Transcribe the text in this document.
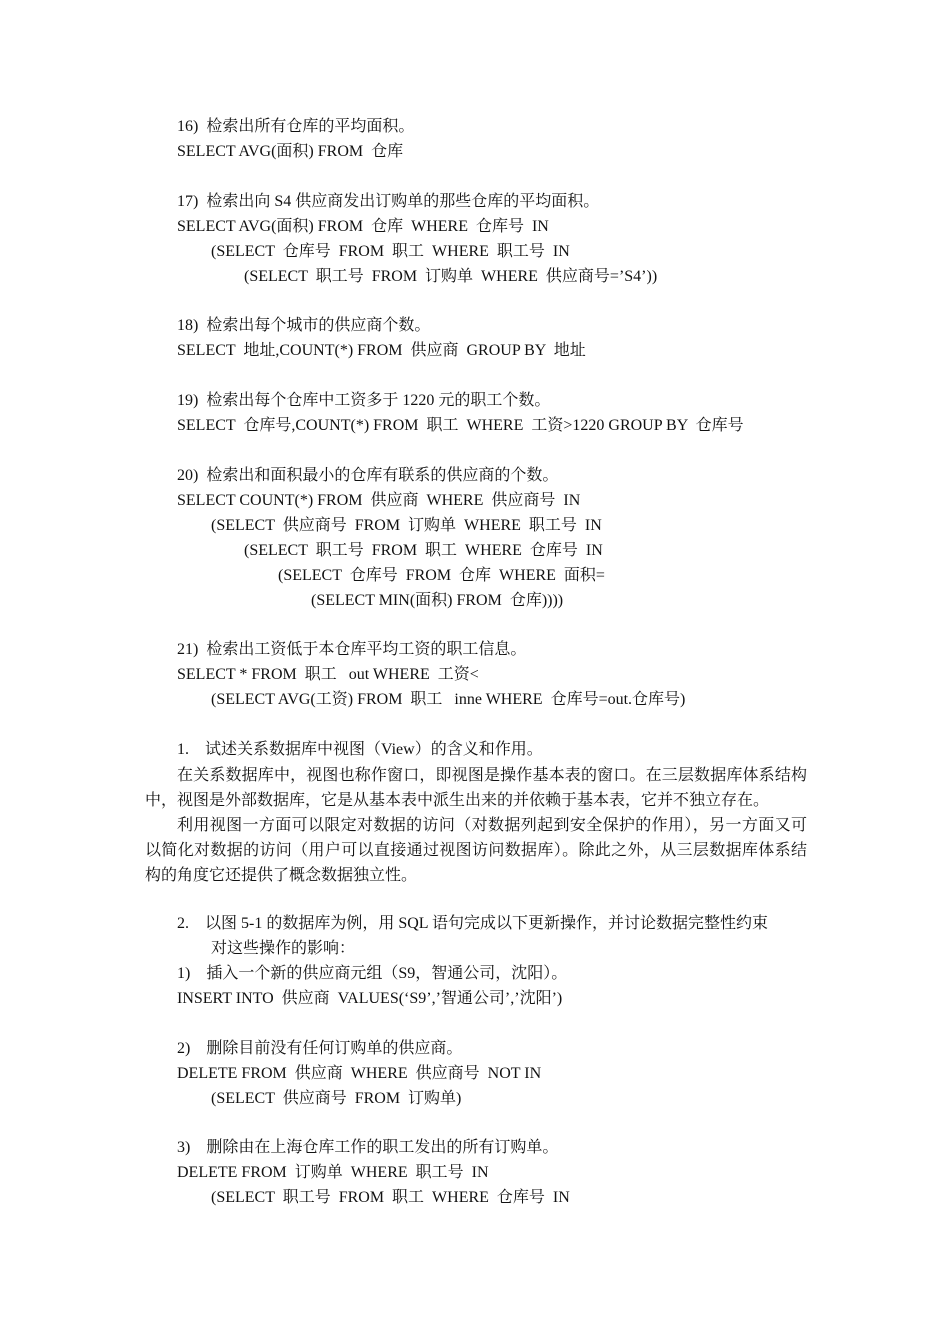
16)  检索出所有仓库的平均面积。
SELECT AVG(面积) FROM  仓库
17)  检索出向 S4 供应商发出订购单的那些仓库的平均面积。
SELECT AVG(面积) FROM  仓库  WHERE  仓库号  IN
(SELECT  仓库号  FROM  职工  WHERE  职工号  IN
(SELECT  职工号  FROM  订购单  WHERE  供应商号=’S4’))
18)  检索出每个城市的供应商个数。
SELECT  地址,COUNT(*) FROM  供应商  GROUP BY  地址
19)  检索出每个仓库中工资多于 1220 元的职工个数。
SELECT  仓库号,COUNT(*) FROM  职工  WHERE  工资>1220 GROUP BY  仓库号
20)  检索出和面积最小的仓库有联系的供应商的个数。
SELECT COUNT(*) FROM  供应商  WHERE  供应商号  IN
(SELECT  供应商号  FROM  订购单  WHERE  职工号  IN
(SELECT  职工号  FROM  职工  WHERE  仓库号  IN
(SELECT  仓库号  FROM  仓库  WHERE  面积=
(SELECT MIN(面积) FROM  仓库))))
21)  检索出工资低于本仓库平均工资的职工信息。
SELECT * FROM  职工   out WHERE  工资<
(SELECT AVG(工资) FROM  职工   inne WHERE  仓库号=out.仓库号)
1.    试述关系数据库中视图（View）的含义和作用。
在关系数据库中，视图也称作窗口，即视图是操作基本表的窗口。在三层数据库体系结构中，视图是外部数据库，它是从基本表中派生出来的并依赖于基本表，它并不独立存在。
利用视图一方面可以限定对数据的访问（对数据列起到安全保护的作用），另一方面又可以简化对数据的访问（用户可以直接通过视图访问数据库）。除此之外，从三层数据库体系结构的角度它还提供了概念数据独立性。
2.    以图 5-1 的数据库为例，用 SQL 语句完成以下更新操作，并讨论数据完整性约束
对这些操作的影响：
1)    插入一个新的供应商元组（S9，智通公司，沈阳）。
INSERT INTO  供应商  VALUES(‘S9’,’智通公司’,’沈阳’)
2)    删除目前没有任何订购单的供应商。
DELETE FROM  供应商  WHERE  供应商号  NOT IN
(SELECT  供应商号  FROM  订购单)
3)    删除由在上海仓库工作的职工发出的所有订购单。
DELETE FROM  订购单  WHERE  职工号  IN
(SELECT  职工号  FROM  职工  WHERE  仓库号  IN
